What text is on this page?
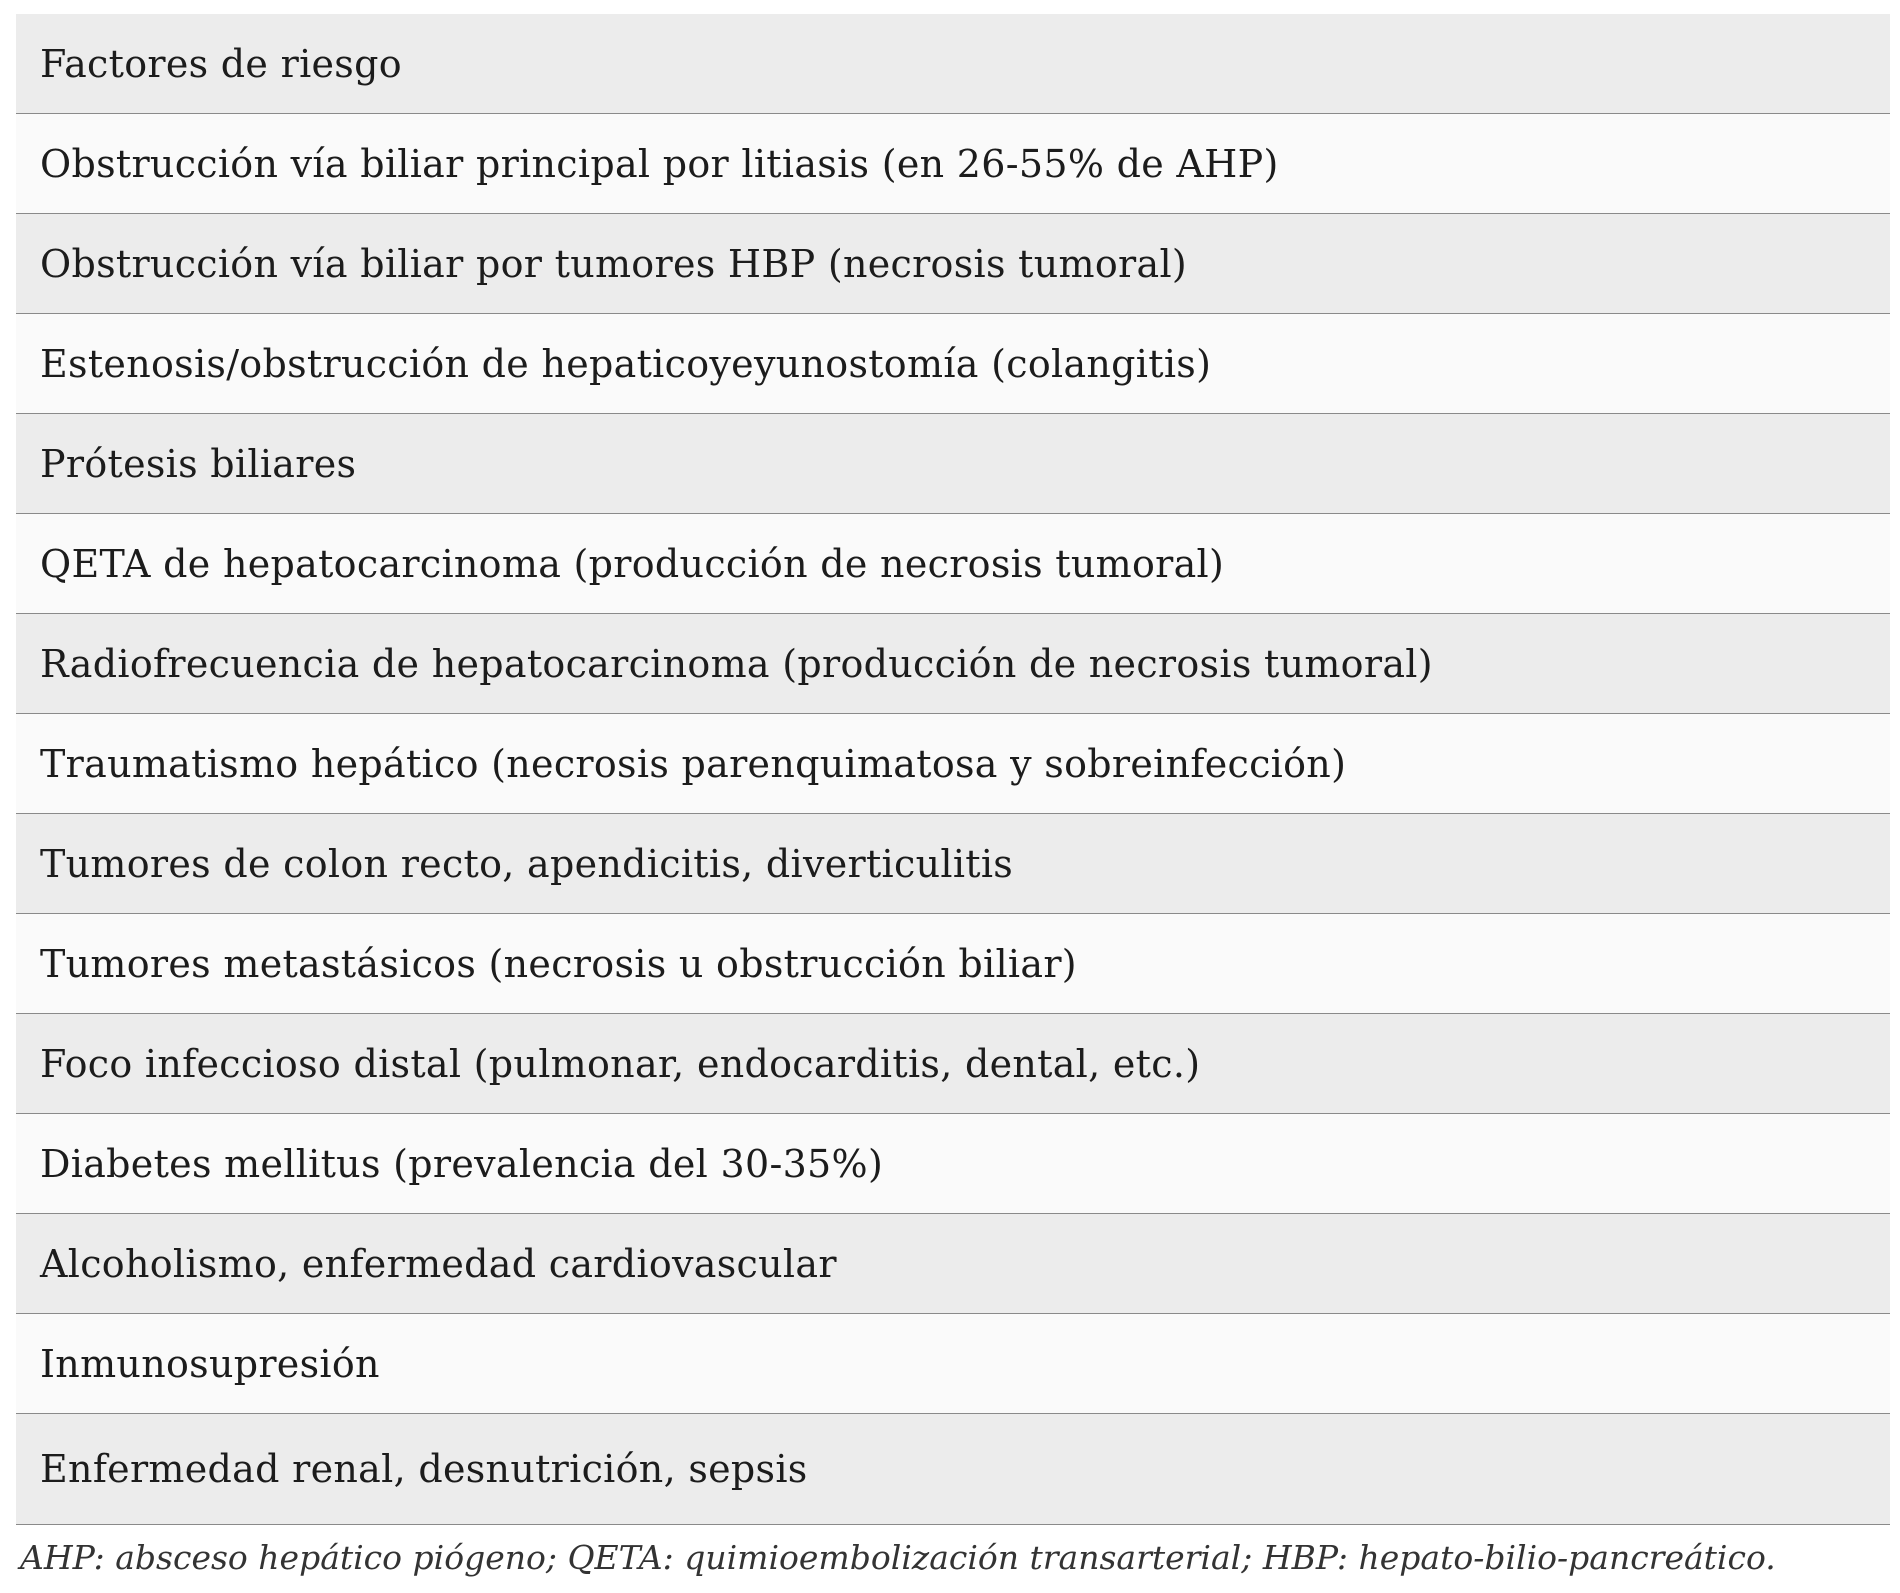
Factores de riesgo
Obstrucción vía biliar principal por litiasis (en 26-55% de AHP)
Obstrucción vía biliar por tumores HBP (necrosis tumoral)
Estenosis/obstrucción de hepaticoyeyunostomía (colangitis)
Prótesis biliares
QETA de hepatocarcinoma (producción de necrosis tumoral)
Radiofrecuencia de hepatocarcinoma (producción de necrosis tumoral)
Traumatismo hepático (necrosis parenquimatosa y sobreinfección)
Tumores de colon recto, apendicitis, diverticulitis
Tumores metastásicos (necrosis u obstrucción biliar)
Foco infeccioso distal (pulmonar, endocarditis, dental, etc.)
Diabetes mellitus (prevalencia del 30-35%)
Alcoholismo, enfermedad cardiovascular
Inmunosupresión
Enfermedad renal, desnutrición, sepsis
AHP: absceso hepático piógeno; QETA: quimioembolización transarterial; HBP: hepato-bilio-pancreático.
